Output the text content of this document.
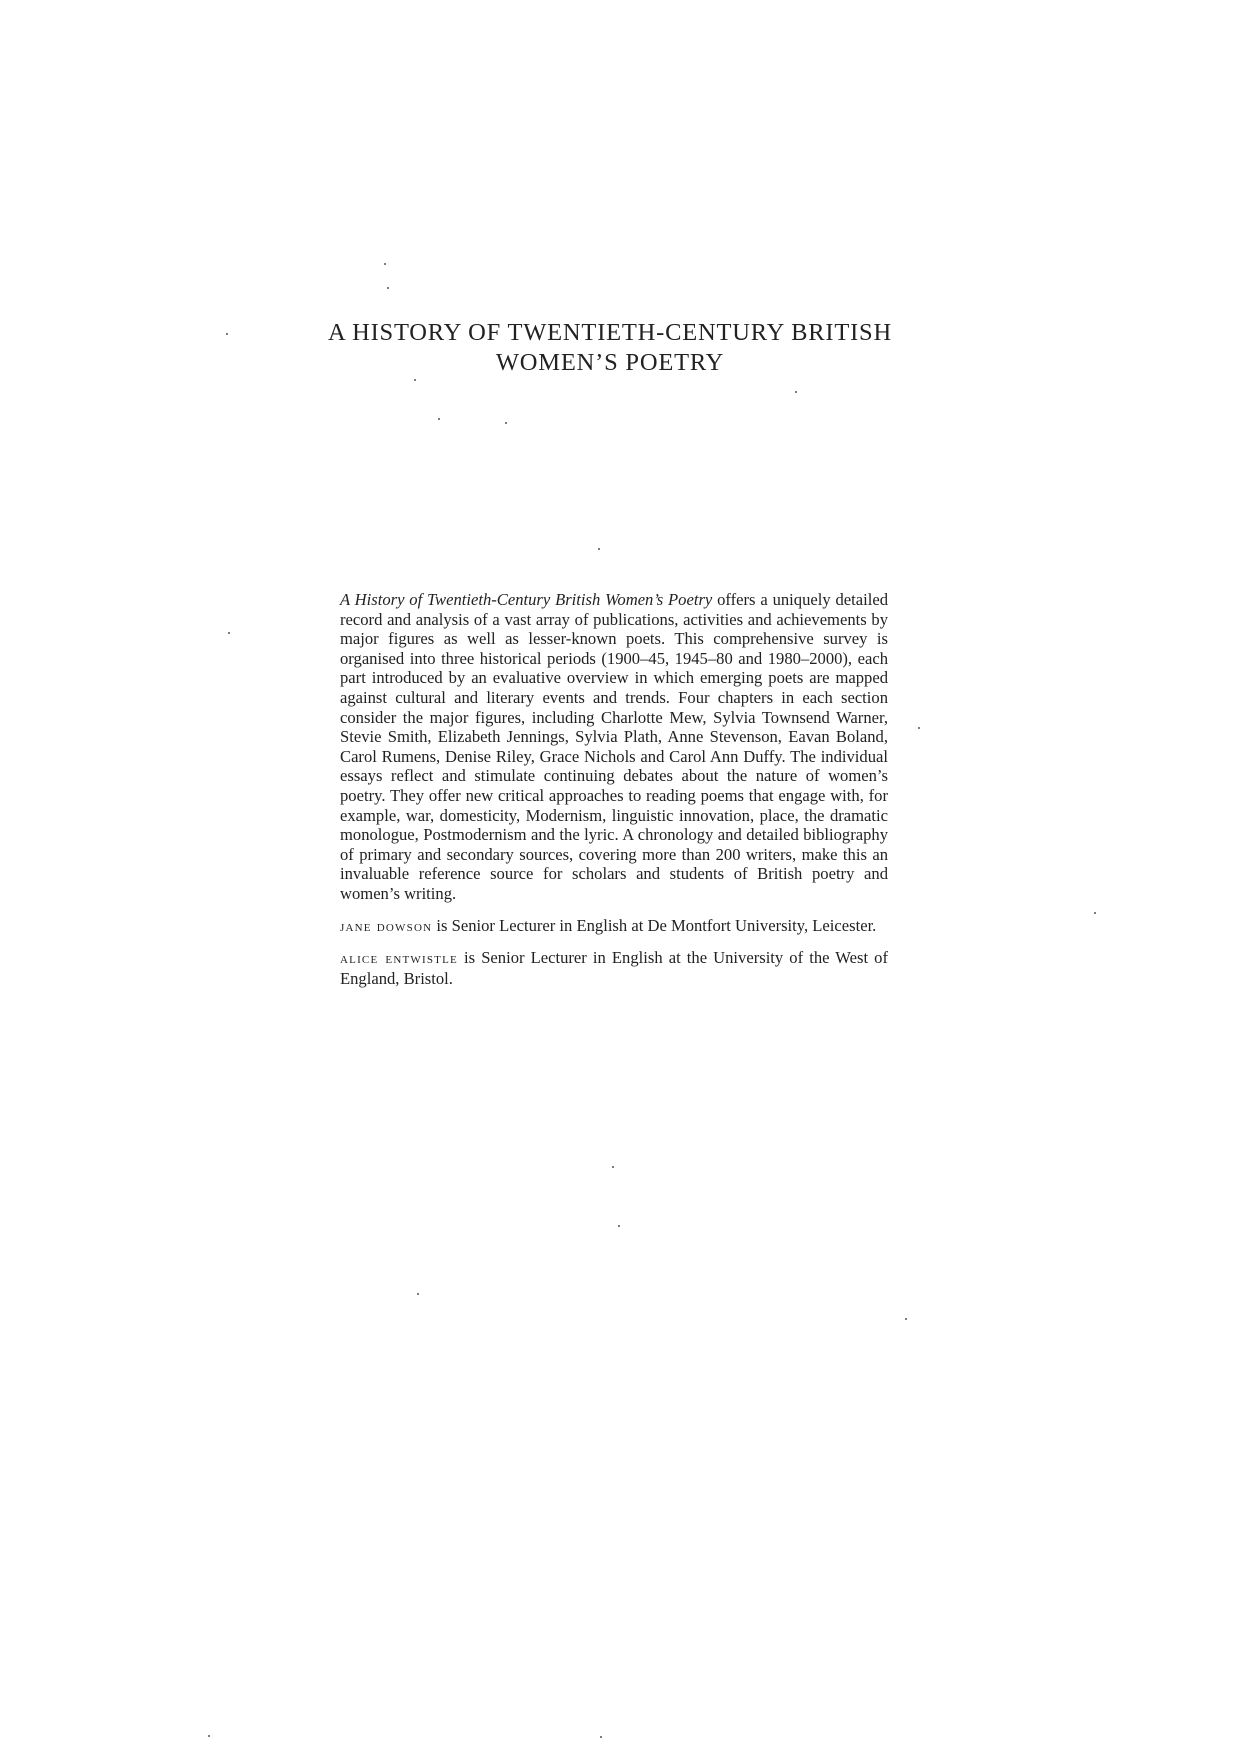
A HISTORY OF TWENTIETH-CENTURY BRITISH
WOMEN’S POETRY

A History of Twentieth-Century British Women’s Poetry offers a uniquely detailed record and analysis of a vast array of publications, activities and achievements by major figures as well as lesser-known poets. This comprehensive survey is organised into three historical periods (1900–45, 1945–80 and 1980–2000), each part introduced by an evaluative overview in which emerging poets are mapped against cultural and literary events and trends. Four chapters in each section consider the major figures, including Charlotte Mew, Sylvia Townsend Warner, Stevie Smith, Elizabeth Jennings, Sylvia Plath, Anne Stevenson, Eavan Boland, Carol Rumens, Denise Riley, Grace Nichols and Carol Ann Duffy. The individual essays reflect and stimulate continuing debates about the nature of women’s poetry. They offer new critical approaches to reading poems that engage with, for example, war, domesticity, Modernism, linguistic innovation, place, the dramatic monologue, Postmodernism and the lyric. A chronology and detailed bibliography of primary and secondary sources, covering more than 200 writers, make this an invaluable reference source for scholars and students of British poetry and women’s writing.

jane dowson is Senior Lecturer in English at De Montfort University, Leicester.

alice entwistle is Senior Lecturer in English at the University of the West of England, Bristol.
